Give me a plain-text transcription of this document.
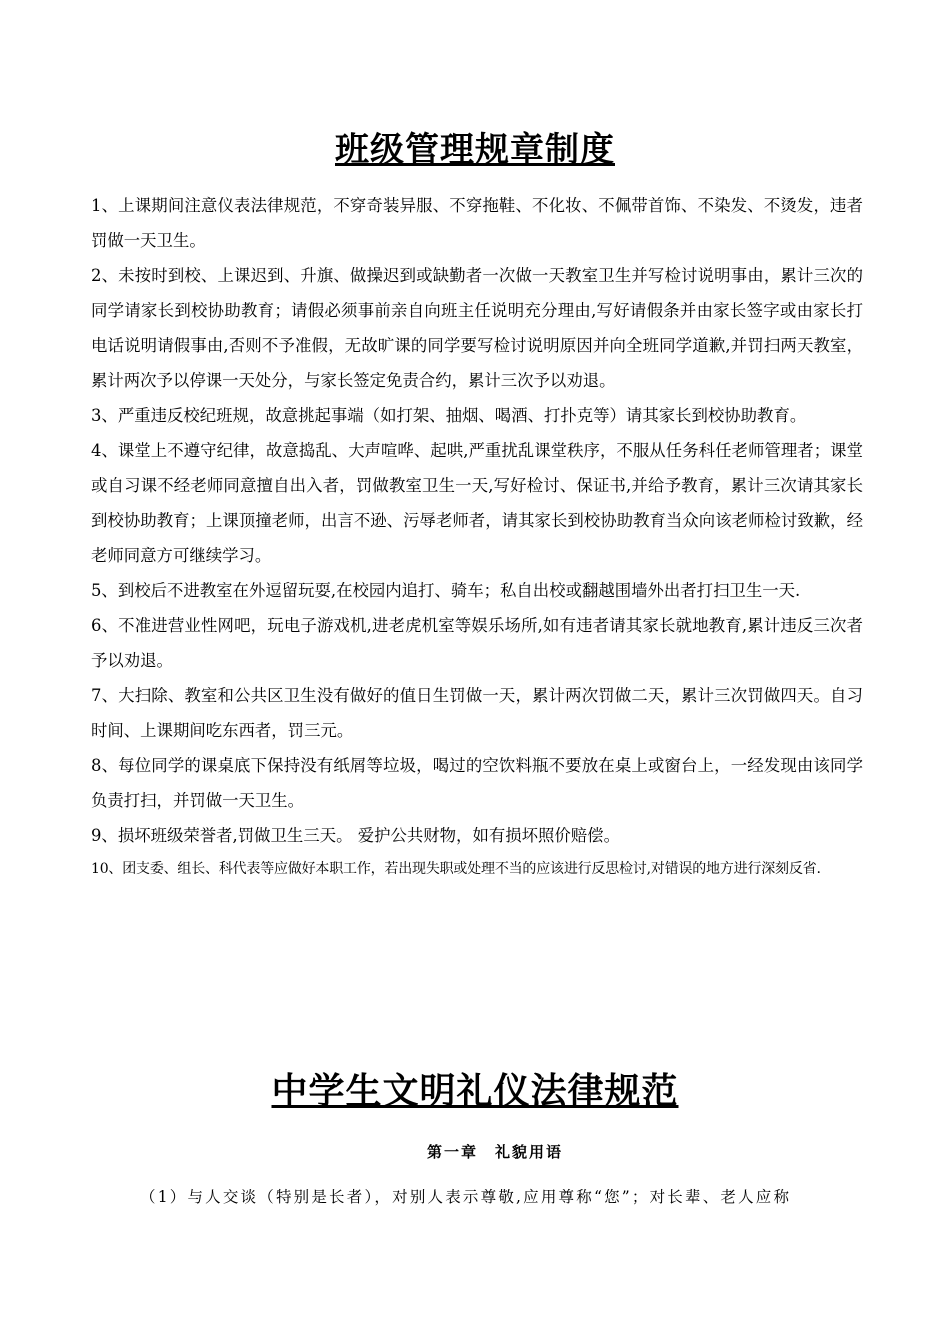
班级管理规章制度

1、上课期间注意仪表法律规范，不穿奇装异服、不穿拖鞋、不化妆、不佩带首饰、不染发、不烫发，违者罚做一天卫生。

2、未按时到校、上课迟到、升旗、做操迟到或缺勤者一次做一天教室卫生并写检讨说明事由，累计三次的同学请家长到校协助教育；请假必须事前亲自向班主任说明充分理由,写好请假条并由家长签字或由家长打电话说明请假事由,否则不予准假，无故旷课的同学要写检讨说明原因并向全班同学道歉,并罚扫两天教室，累计两次予以停课一天处分，与家长签定免责合约，累计三次予以劝退。

3、严重违反校纪班规，故意挑起事端（如打架、抽烟、喝酒、打扑克等）请其家长到校协助教育。

4、课堂上不遵守纪律，故意捣乱、大声喧哗、起哄,严重扰乱课堂秩序，不服从任务科任老师管理者；课堂或自习课不经老师同意擅自出入者，罚做教室卫生一天,写好检讨、保证书,并给予教育，累计三次请其家长到校协助教育；上课顶撞老师，出言不逊、污辱老师者，请其家长到校协助教育当众向该老师检讨致歉，经老师同意方可继续学习。

5、到校后不进教室在外逗留玩耍,在校园内追打、骑车；私自出校或翻越围墙外出者打扫卫生一天.

6、不准进营业性网吧，玩电子游戏机,进老虎机室等娱乐场所,如有违者请其家长就地教育,累计违反三次者予以劝退。

7、大扫除、教室和公共区卫生没有做好的值日生罚做一天，累计两次罚做二天，累计三次罚做四天。自习时间、上课期间吃东西者，罚三元。

8、每位同学的课桌底下保持没有纸屑等垃圾，喝过的空饮料瓶不要放在桌上或窗台上，一经发现由该同学负责打扫，并罚做一天卫生。

9、损坏班级荣誉者,罚做卫生三天。 爱护公共财物，如有损坏照价赔偿。

10、团支委、组长、科代表等应做好本职工作，若出现失职或处理不当的应该进行反思检讨,对错误的地方进行深刻反省.

中学生文明礼仪法律规范
第一章　礼貌用语

（1）与人交谈（特别是长者），对别人表示尊敬,应用尊称“您”；对长辈、老人应称
